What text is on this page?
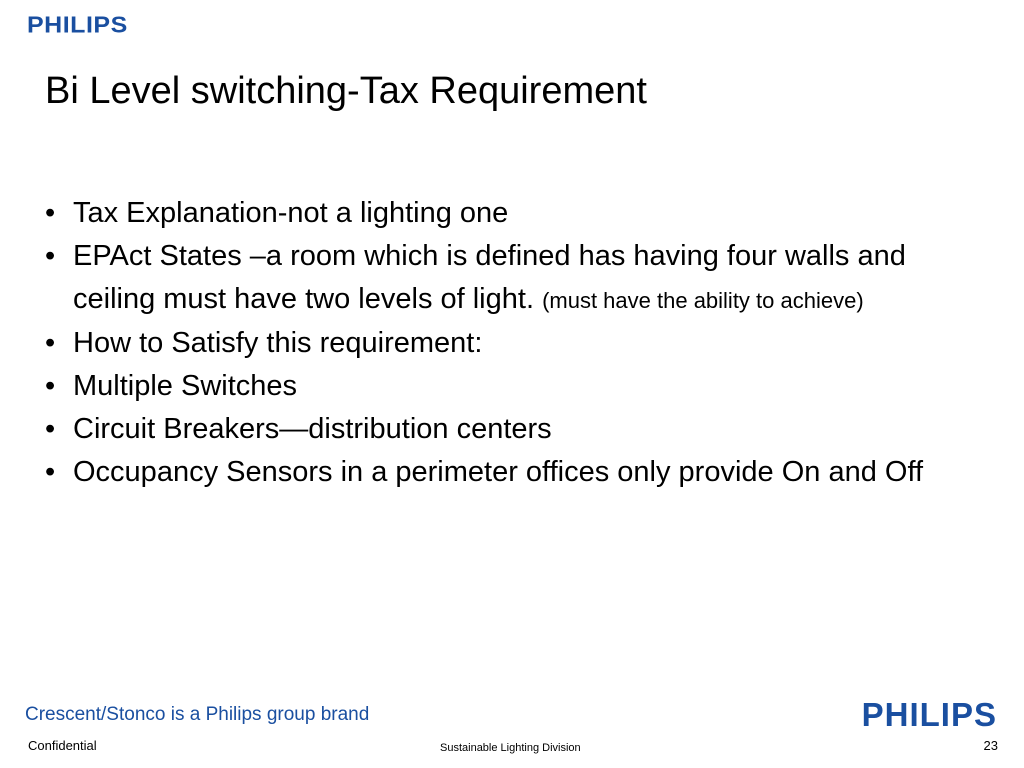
PHILIPS
Bi Level switching-Tax Requirement
• Tax Explanation-not a lighting one
• EPAct States –a room which is defined has having four walls and ceiling must have two levels of light. (must have the ability to achieve)
• How to Satisfy this requirement:
• Multiple Switches
• Circuit Breakers—distribution centers
• Occupancy Sensors in a perimeter offices only provide On and Off
Crescent/Stonco is a Philips group brand	PHILIPS
Confidential	Sustainable Lighting Division	23
